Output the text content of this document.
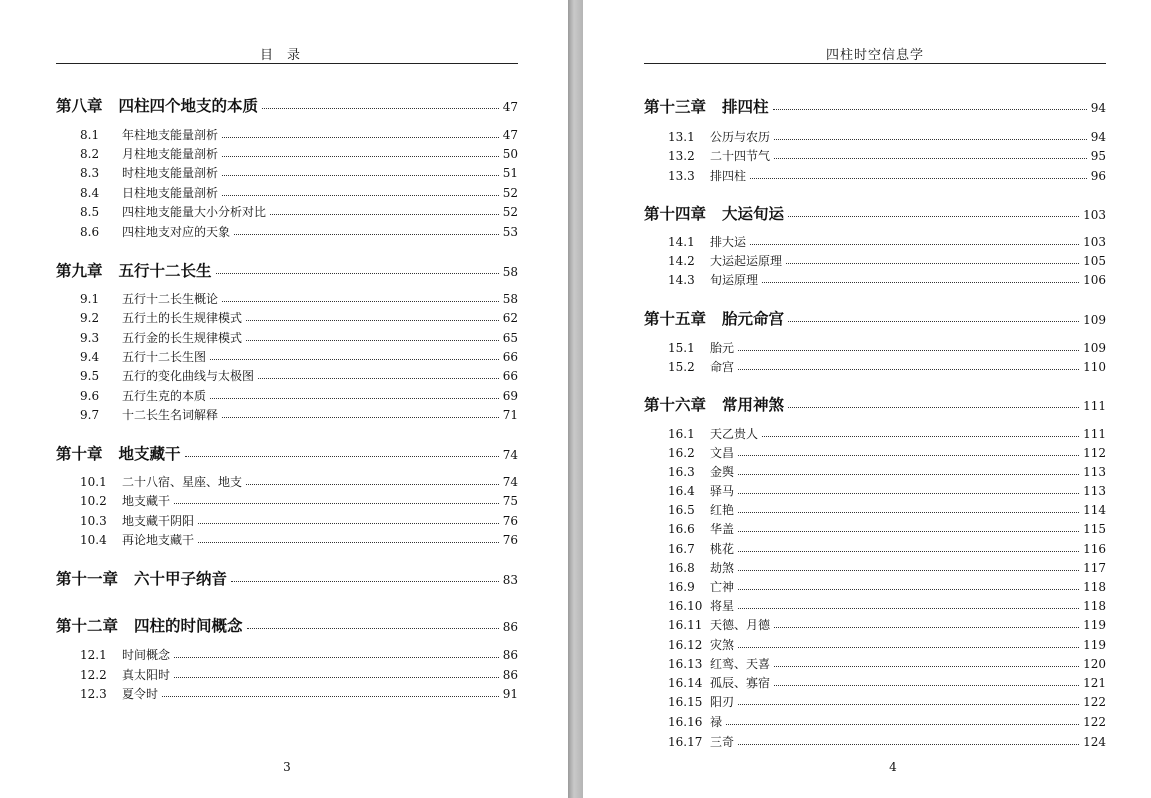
目录
第八章	四柱四个地支的本质	47
8.1	年柱地支能量剖析	47
8.2	月柱地支能量剖析	50
8.3	时柱地支能量剖析	51
8.4	日柱地支能量剖析	52
8.5	四柱地支能量大小分析对比	52
8.6	四柱地支对应的天象	53
第九章	五行十二长生	58
9.1	五行十二长生概论	58
9.2	五行土的长生规律模式	62
9.3	五行金的长生规律模式	65
9.4	五行十二长生图	66
9.5	五行的变化曲线与太极图	66
9.6	五行生克的本质	69
9.7	十二长生名词解释	71
第十章	地支藏干	74
10.1	二十八宿、星座、地支	74
10.2	地支藏干	75
10.3	地支藏干阴阳	76
10.4	再论地支藏干	76
第十一章	六十甲子纳音	83
第十二章	四柱的时间概念	86
12.1	时间概念	86
12.2	真太阳时	86
12.3	夏令时	91
3
四柱时空信息学
第十三章	排四柱	94
13.1	公历与农历	94
13.2	二十四节气	95
13.3	排四柱	96
第十四章	大运旬运	103
14.1	排大运	103
14.2	大运起运原理	105
14.3	旬运原理	106
第十五章	胎元命宫	109
15.1	胎元	109
15.2	命宫	110
第十六章	常用神煞	111
16.1	天乙贵人	111
16.2	文昌	112
16.3	金舆	113
16.4	驿马	113
16.5	红艳	114
16.6	华盖	115
16.7	桃花	116
16.8	劫煞	117
16.9	亡神	118
16.10 将星	118
16.11 天德、月德	119
16.12 灾煞	119
16.13 红鸾、天喜	120
16.14 孤辰、寡宿	121
16.15 阳刃	122
16.16 禄	122
16.17 三奇	124
4
